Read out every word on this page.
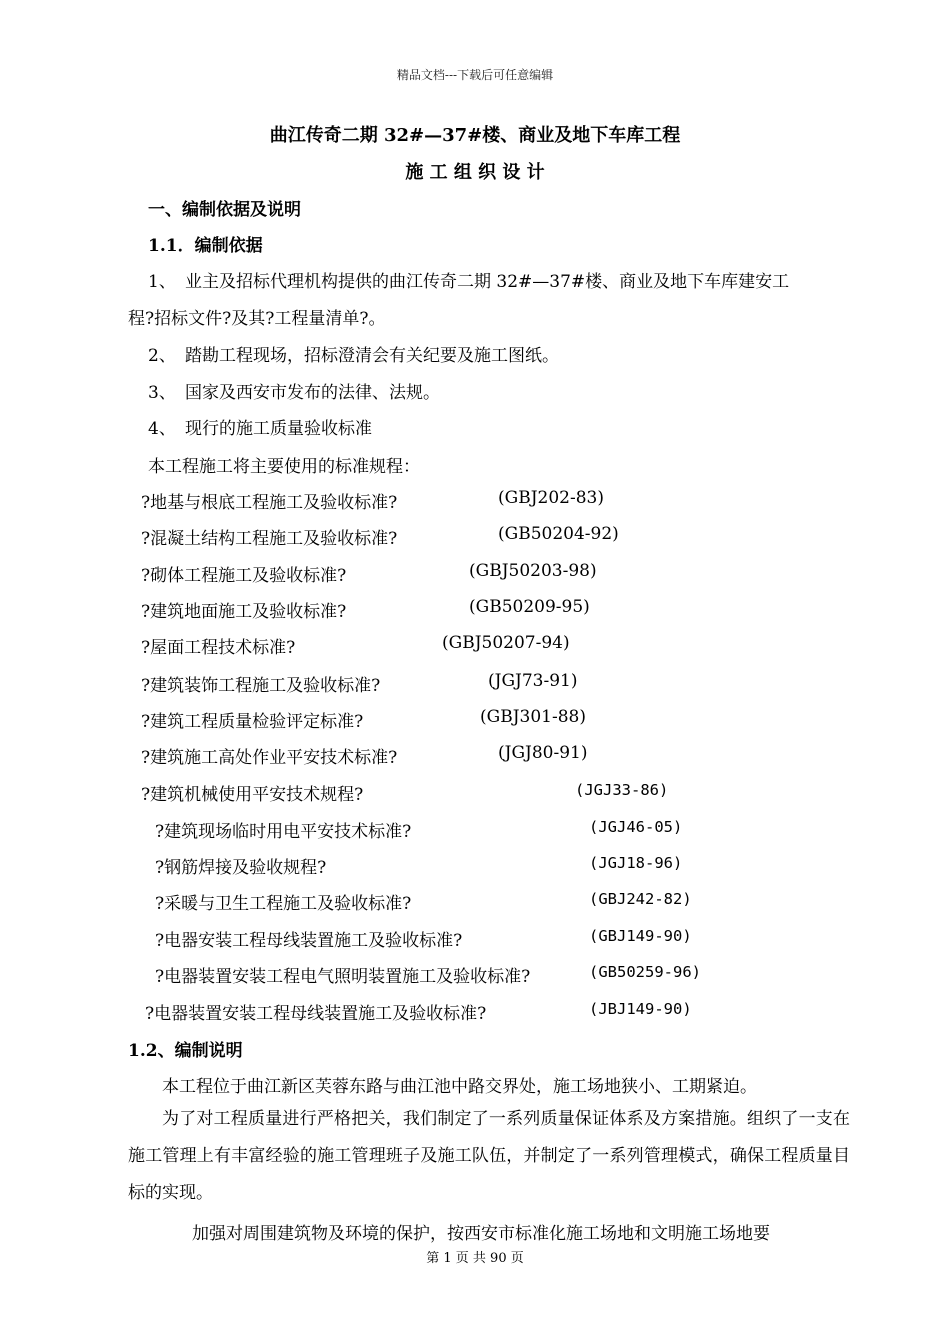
精品文档---下载后可任意编辑
曲江传奇二期 32#—37#楼、商业及地下车库工程
施 工 组 织 设 计
一、编制依据及说明
1.1．编制依据
1、 业主及招标代理机构提供的曲江传奇二期 32#—37#楼、商业及地下车库建安工
程?招标文件?及其?工程量清单?。
2、 踏勘工程现场，招标澄清会有关纪要及施工图纸。
3、 国家及西安市发布的法律、法规。
4、 现行的施工质量验收标准
本工程施工将主要使用的标准规程：
?地基与根底工程施工及验收标准?	(GBJ202-83)
?混凝土结构工程施工及验收标准?	(GB50204-92)
?砌体工程施工及验收标准?	(GBJ50203-98)
?建筑地面施工及验收标准?	(GB50209-95)
?屋面工程技术标准?	(GBJ50207-94)
?建筑装饰工程施工及验收标准?	(JGJ73-91)
?建筑工程质量检验评定标准?	(GBJ301-88)
?建筑施工高处作业平安技术标准?	(JGJ80-91)
?建筑机械使用平安技术规程?	(JGJ33-86)
?建筑现场临时用电平安技术标准?	(JGJ46-05)
?钢筋焊接及验收规程?	(JGJ18-96)
?采暖与卫生工程施工及验收标准?	(GBJ242-82)
?电器安装工程母线装置施工及验收标准?	(GBJ149-90)
?电器装置安装工程电气照明装置施工及验收标准?	(GB50259-96)
?电器装置安装工程母线装置施工及验收标准?	(JBJ149-90)
1.2、编制说明
本工程位于曲江新区芙蓉东路与曲江池中路交界处，施工场地狭小、工期紧迫。
为了对工程质量进行严格把关，我们制定了一系列质量保证体系及方案措施。组织了一支在施工管理上有丰富经验的施工管理班子及施工队伍，并制定了一系列管理模式，确保工程质量目标的实现。
加强对周围建筑物及环境的保护，按西安市标准化施工场地和文明施工场地要
第 1 页 共 90 页
